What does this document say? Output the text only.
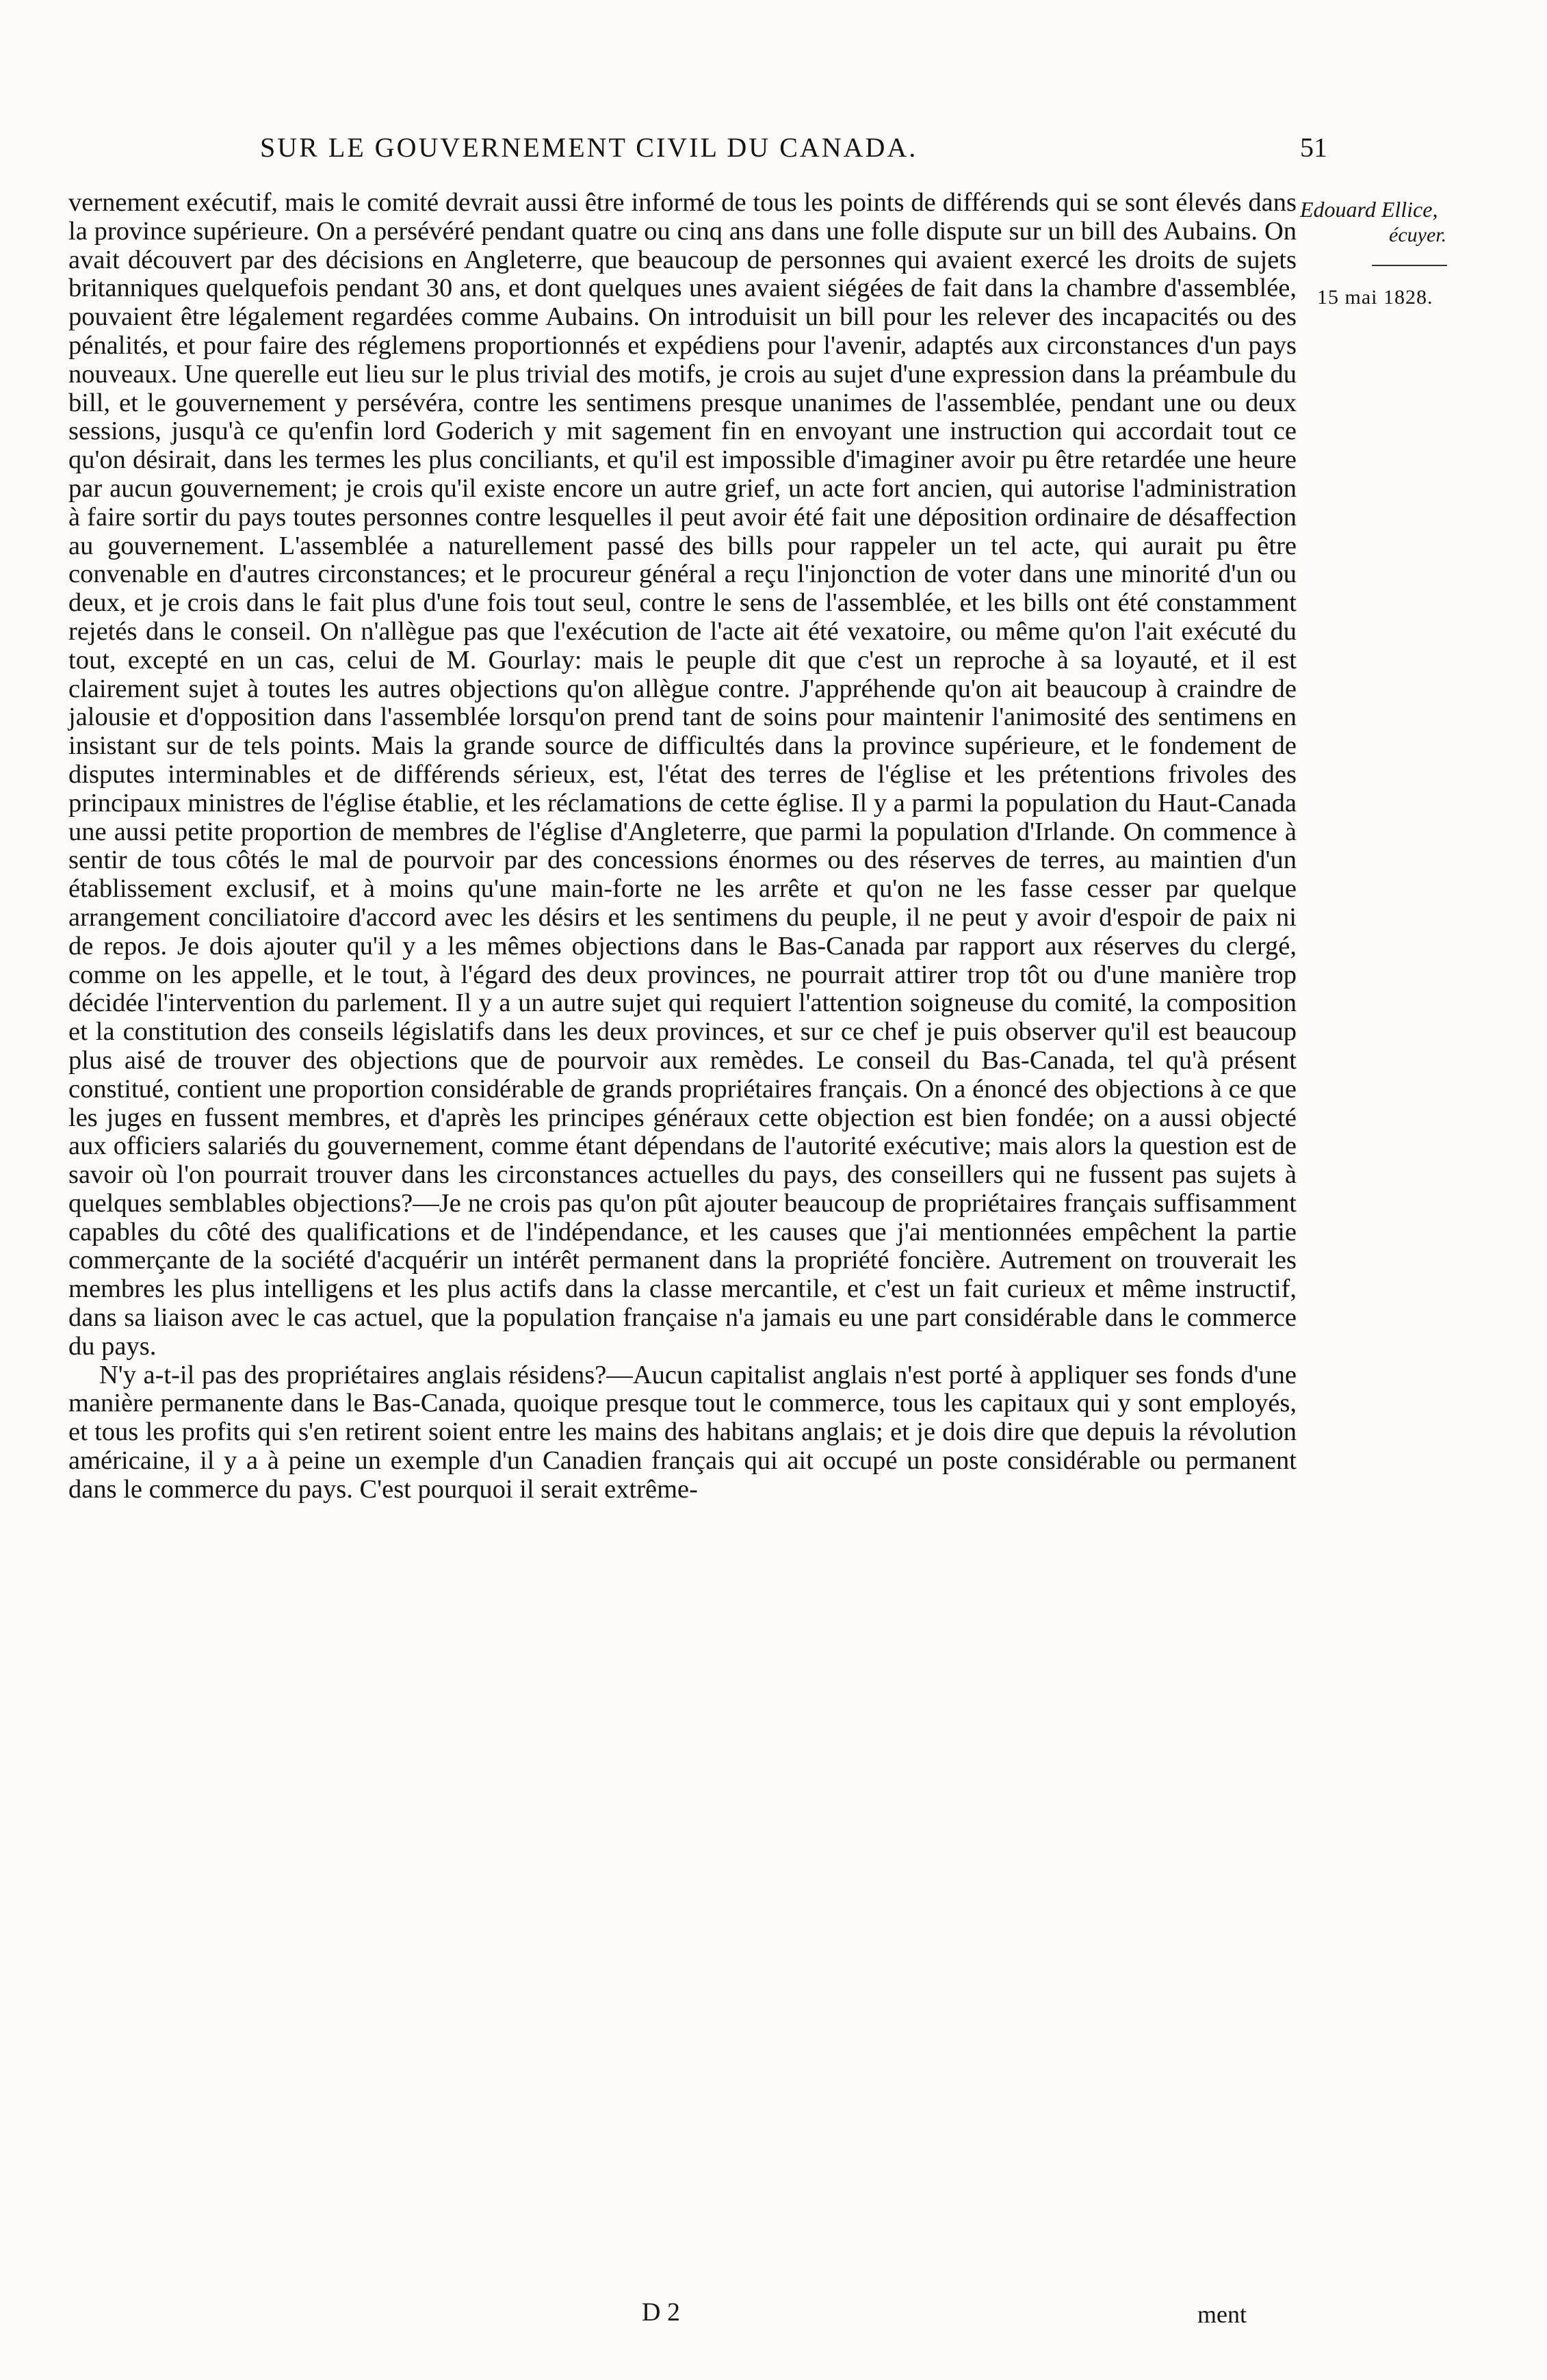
SUR LE GOUVERNEMENT CIVIL DU CANADA.	51
Edouard Ellice,
écuyer.
15 mai 1828.

vernement exécutif, mais le comité devrait aussi être informé de tous les points de différends qui se sont élevés dans la province supérieure. On a persévéré pendant quatre ou cinq ans dans une folle dispute sur un bill des Aubains. On avait découvert par des décisions en Angleterre, que beaucoup de personnes qui avaient exercé les droits de sujets britanniques quelquefois pendant 30 ans, et dont quelques unes avaient siégées de fait dans la chambre d'assemblée, pouvaient être légalement regardées comme Aubains. On introduisit un bill pour les relever des incapacités ou des pénalités, et pour faire des réglemens proportionnés et expédiens pour l'avenir, adaptés aux circonstances d'un pays nouveaux. Une querelle eut lieu sur le plus trivial des motifs, je crois au sujet d'une expression dans la préambule du bill, et le gouvernement y persévéra, contre les sentimens presque unanimes de l'assemblée, pendant une ou deux sessions, jusqu'à ce qu'enfin lord Goderich y mit sagement fin en envoyant une instruction qui accordait tout ce qu'on désirait, dans les termes les plus conciliants, et qu'il est impossible d'imaginer avoir pu être retardée une heure par aucun gouvernement; je crois qu'il existe encore un autre grief, un acte fort ancien, qui autorise l'administration à faire sortir du pays toutes personnes contre lesquelles il peut avoir été fait une déposition ordinaire de désaffection au gouvernement. L'assemblée a naturellement passé des bills pour rappeler un tel acte, qui aurait pu être convenable en d'autres circonstances; et le procureur général a reçu l'injonction de voter dans une minorité d'un ou deux, et je crois dans le fait plus d'une fois tout seul, contre le sens de l'assemblée, et les bills ont été constamment rejetés dans le conseil. On n'allègue pas que l'exécution de l'acte ait été vexatoire, ou même qu'on l'ait exécuté du tout, excepté en un cas, celui de M. Gourlay: mais le peuple dit que c'est un reproche à sa loyauté, et il est clairement sujet à toutes les autres objections qu'on allègue contre. J'appréhende qu'on ait beaucoup à craindre de jalousie et d'opposition dans l'assemblée lorsqu'on prend tant de soins pour maintenir l'animosité des sentimens en insistant sur de tels points. Mais la grande source de difficultés dans la province supérieure, et le fondement de disputes interminables et de différends sérieux, est, l'état des terres de l'église et les prétentions frivoles des principaux ministres de l'église établie, et les réclamations de cette église. Il y a parmi la population du Haut-Canada une aussi petite proportion de membres de l'église d'Angleterre, que parmi la population d'Irlande. On commence à sentir de tous côtés le mal de pourvoir par des concessions énormes ou des réserves de terres, au maintien d'un établissement exclusif, et à moins qu'une main-forte ne les arrête et qu'on ne les fasse cesser par quelque arrangement conciliatoire d'accord avec les désirs et les sentimens du peuple, il ne peut y avoir d'espoir de paix ni de repos. Je dois ajouter qu'il y a les mêmes objections dans le Bas-Canada par rapport aux réserves du clergé, comme on les appelle, et le tout, à l'égard des deux provinces, ne pourrait attirer trop tôt ou d'une manière trop décidée l'intervention du parlement. Il y a un autre sujet qui requiert l'attention soigneuse du comité, la composition et la constitution des conseils législatifs dans les deux provinces, et sur ce chef je puis observer qu'il est beaucoup plus aisé de trouver des objections que de pourvoir aux remèdes. Le conseil du Bas-Canada, tel qu'à présent constitué, contient une proportion considérable de grands propriétaires français. On a énoncé des objections à ce que les juges en fussent membres, et d'après les principes généraux cette objection est bien fondée; on a aussi objecté aux officiers salariés du gouvernement, comme étant dépendans de l'autorité exécutive; mais alors la question est de savoir où l'on pourrait trouver dans les circonstances actuelles du pays, des conseillers qui ne fussent pas sujets à quelques semblables objections?—Je ne crois pas qu'on pût ajouter beaucoup de propriétaires français suffisamment capables du côté des qualifications et de l'indépendance, et les causes que j'ai mentionnées empêchent la partie commerçante de la société d'acquérir un intérêt permanent dans la propriété foncière. Autrement on trouverait les membres les plus intelligens et les plus actifs dans la classe mercantile, et c'est un fait curieux et même instructif, dans sa liaison avec le cas actuel, que la population française n'a jamais eu une part considérable dans le commerce du pays.

N'y a-t-il pas des propriétaires anglais résidens?—Aucun capitalist anglais n'est porté à appliquer ses fonds d'une manière permanente dans le Bas-Canada, quoique presque tout le commerce, tous les capitaux qui y sont employés, et tous les profits qui s'en retirent soient entre les mains des habitans anglais; et je dois dire que depuis la révolution américaine, il y a à peine un exemple d'un Canadien français qui ait occupé un poste considérable ou permanent dans le commerce du pays. C'est pourquoi il serait extrême-

D 2	ment
